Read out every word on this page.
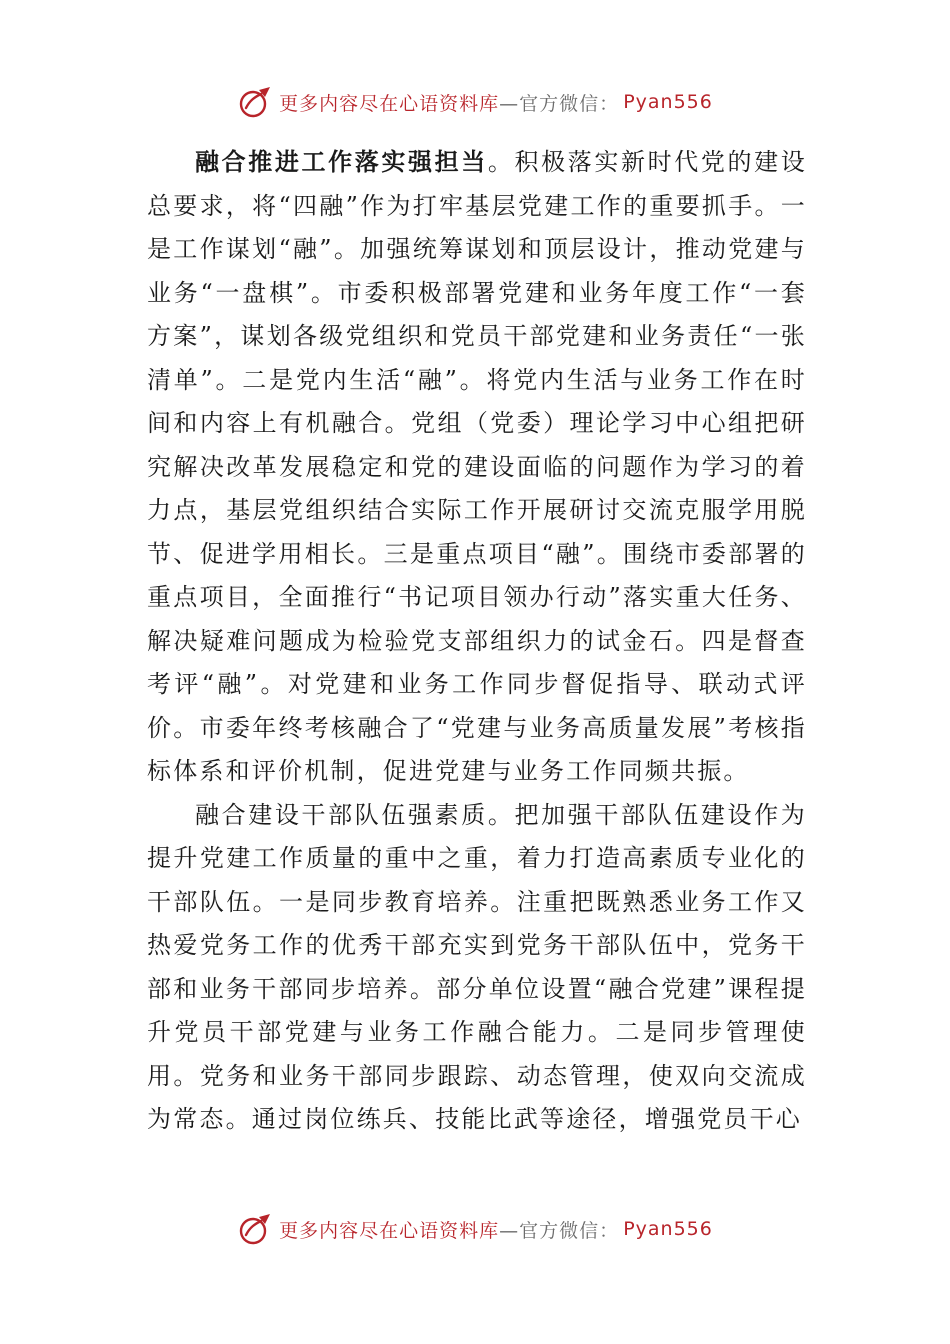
更多内容尽在心语资料库 —官方微信： Pyan556

融合推进工作落实强担当。积极落实新时代党的建设总要求，将“四融”作为打牢基层党建工作的重要抓手。一是工作谋划“融”。加强统筹谋划和顶层设计，推动党建与业务“一盘棋”。市委积极部署党建和业务年度工作“一套方案”，谋划各级党组织和党员干部党建和业务责任“一张清单”。二是党内生活“融”。将党内生活与业务工作在时间和内容上有机融合。党组（党委）理论学习中心组把研究解决改革发展稳定和党的建设面临的问题作为学习的着力点，基层党组织结合实际工作开展研讨交流克服学用脱节、促进学用相长。三是重点项目“融”。围绕市委部署的重点项目，全面推行“书记项目领办行动”落实重大任务、解决疑难问题成为检验党支部组织力的试金石。四是督查考评“融”。对党建和业务工作同步督促指导、联动式评价。市委年终考核融合了“党建与业务高质量发展”考核指标体系和评价机制，促进党建与业务工作同频共振。

融合建设干部队伍强素质。把加强干部队伍建设作为提升党建工作质量的重中之重，着力打造高素质专业化的干部队伍。一是同步教育培养。注重把既熟悉业务工作又热爱党务工作的优秀干部充实到党务干部队伍中，党务干部和业务干部同步培养。部分单位设置“融合党建”课程提升党员干部党建与业务工作融合能力。二是同步管理使用。党务和业务干部同步跟踪、动态管理，使双向交流成为常态。通过岗位练兵、技能比武等途径，增强党员干心

更多内容尽在心语资料库 —官方微信： Pyan556
